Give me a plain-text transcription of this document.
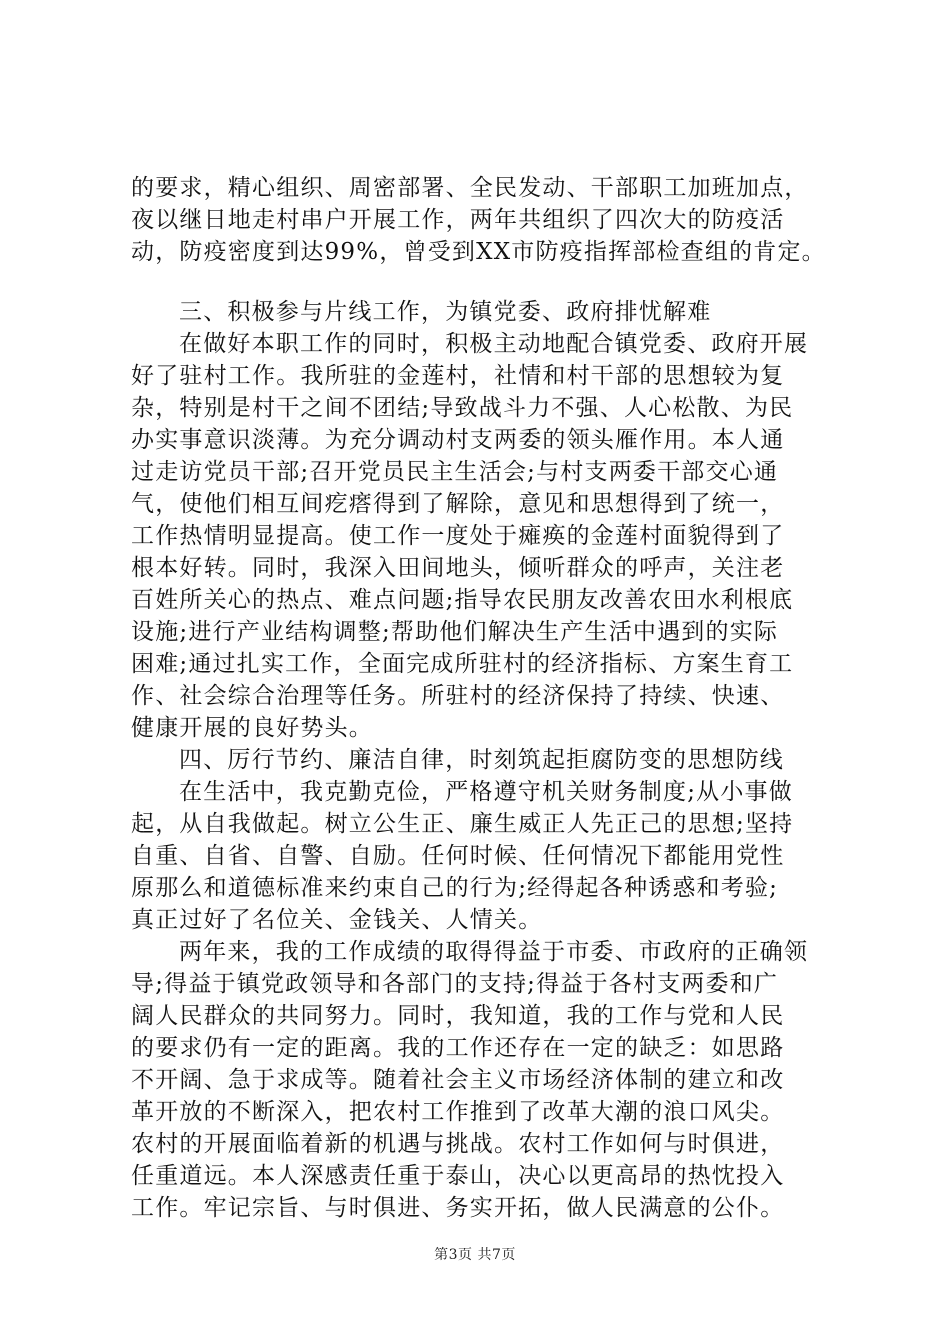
的要求，精心组织、周密部署、全民发动、干部职工加班加点，
夜以继日地走村串户开展工作，两年共组织了四次大的防疫活
动，防疫密度到达99%，曾受到XX市防疫指挥部检查组的肯定。
三、积极参与片线工作，为镇党委、政府排忧解难
在做好本职工作的同时，积极主动地配合镇党委、政府开展
好了驻村工作。我所驻的金莲村，社情和村干部的思想较为复
杂，特别是村干之间不团结;导致战斗力不强、人心松散、为民
办实事意识淡薄。为充分调动村支两委的领头雁作用。本人通
过走访党员干部;召开党员民主生活会;与村支两委干部交心通
气，使他们相互间疙瘩得到了解除，意见和思想得到了统一，
工作热情明显提高。使工作一度处于瘫痪的金莲村面貌得到了
根本好转。同时，我深入田间地头，倾听群众的呼声，关注老
百姓所关心的热点、难点问题;指导农民朋友改善农田水利根底
设施;进行产业结构调整;帮助他们解决生产生活中遇到的实际
困难;通过扎实工作，全面完成所驻村的经济指标、方案生育工
作、社会综合治理等任务。所驻村的经济保持了持续、快速、
健康开展的良好势头。
四、厉行节约、廉洁自律，时刻筑起拒腐防变的思想防线
在生活中，我克勤克俭，严格遵守机关财务制度;从小事做
起，从自我做起。树立公生正、廉生威正人先正己的思想;坚持
自重、自省、自警、自励。任何时候、任何情况下都能用党性
原那么和道德标准来约束自己的行为;经得起各种诱惑和考验;
真正过好了名位关、金钱关、人情关。
两年来，我的工作成绩的取得得益于市委、市政府的正确领
导;得益于镇党政领导和各部门的支持;得益于各村支两委和广
阔人民群众的共同努力。同时，我知道，我的工作与党和人民
的要求仍有一定的距离。我的工作还存在一定的缺乏：如思路
不开阔、急于求成等。随着社会主义市场经济体制的建立和改
革开放的不断深入，把农村工作推到了改革大潮的浪口风尖。
农村的开展面临着新的机遇与挑战。农村工作如何与时俱进，
任重道远。本人深感责任重于泰山，决心以更高昂的热忱投入
工作。牢记宗旨、与时俱进、务实开拓，做人民满意的公仆。
第3页 共7页
